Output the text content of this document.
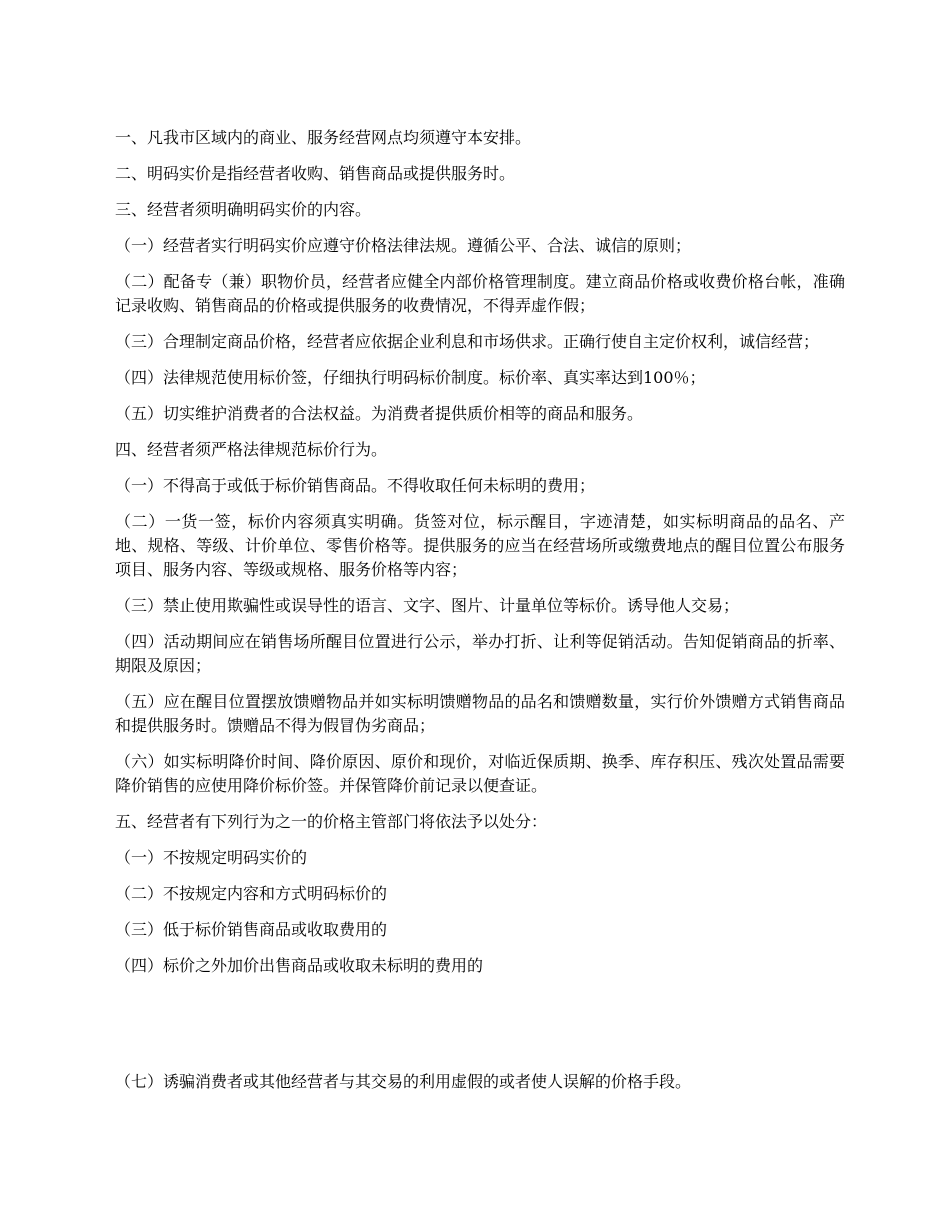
一、凡我市区域内的商业、服务经营网点均须遵守本安排。

二、明码实价是指经营者收购、销售商品或提供服务时。

三、经营者须明确明码实价的内容。

（一）经营者实行明码实价应遵守价格法律法规。遵循公平、合法、诚信的原则；

（二）配备专（兼）职物价员，经营者应健全内部价格管理制度。建立商品价格或收费价格台帐，准确记录收购、销售商品的价格或提供服务的收费情况，不得弄虚作假；

（三）合理制定商品价格，经营者应依据企业利息和市场供求。正确行使自主定价权利，诚信经营；

（四）法律规范使用标价签，仔细执行明码标价制度。标价率、真实率达到100％；

（五）切实维护消费者的合法权益。为消费者提供质价相等的商品和服务。

四、经营者须严格法律规范标价行为。

（一）不得高于或低于标价销售商品。不得收取任何未标明的费用；

（二）一货一签，标价内容须真实明确。货签对位，标示醒目，字迹清楚，如实标明商品的品名、产地、规格、等级、计价单位、零售价格等。提供服务的应当在经营场所或缴费地点的醒目位置公布服务项目、服务内容、等级或规格、服务价格等内容；

（三）禁止使用欺骗性或误导性的语言、文字、图片、计量单位等标价。诱导他人交易；

（四）活动期间应在销售场所醒目位置进行公示，举办打折、让利等促销活动。告知促销商品的折率、期限及原因；

（五）应在醒目位置摆放馈赠物品并如实标明馈赠物品的品名和馈赠数量，实行价外馈赠方式销售商品和提供服务时。馈赠品不得为假冒伪劣商品；

（六）如实标明降价时间、降价原因、原价和现价，对临近保质期、换季、库存积压、残次处置品需要降价销售的应使用降价标价签。并保管降价前记录以便查证。

五、经营者有下列行为之一的价格主管部门将依法予以处分：

（一）不按规定明码实价的

（二）不按规定内容和方式明码标价的

（三）低于标价销售商品或收取费用的

（四）标价之外加价出售商品或收取未标明的费用的

（七）诱骗消费者或其他经营者与其交易的利用虚假的或者使人误解的价格手段。
